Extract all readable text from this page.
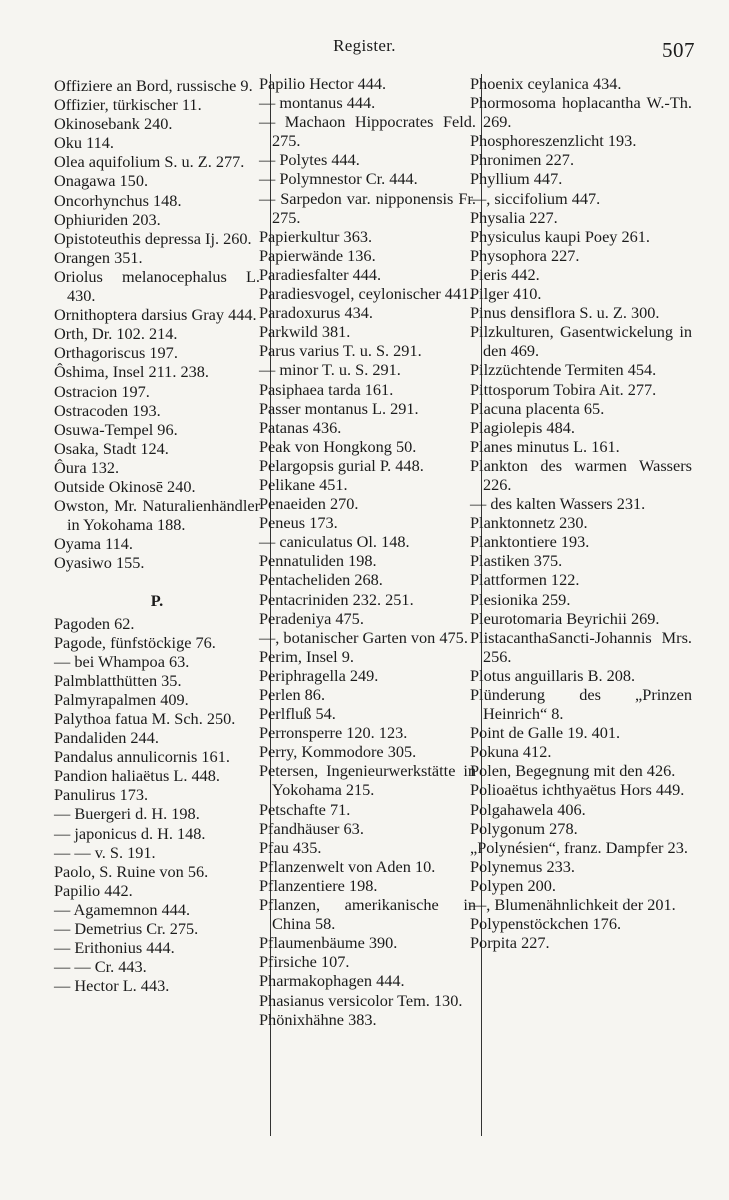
Register.	507
Offiziere an Bord, russische 9.
Offizier, türkischer 11.
Okinosebank 240.
Oku 114.
Olea aquifolium S. u. Z. 277.
Onagawa 150.
Oncorhynchus 148.
Ophiuriden 203.
Opistoteuthis depressa Ij. 260.
Orangen 351.
Oriolus melanocephalus L. 430.
Ornithoptera darsius Gray 444.
Orth, Dr. 102. 214.
Orthagoriscus 197.
Ôshima, Insel 211. 238.
Ostracion 197.
Ostracoden 193.
Osuwa-Tempel 96.
Osaka, Stadt 124.
Ôura 132.
Outside Okinosē 240.
Owston, Mr. Naturalienhändler in Yokohama 188.
Oyama 114.
Oyasiwo 155.
P.
Pagoden 62.
Pagode, fünfstöckige 76.
— bei Whampoa 63.
Palmblatthütten 35.
Palmyrapalmen 409.
Palythoa fatua M. Sch. 250.
Pandaliden 244.
Pandalus annulicornis 161.
Pandion haliaëtus L. 448.
Panulirus 173.
— Buergeri d. H. 198.
— japonicus d. H. 148.
— — v. S. 191.
Paolo, S. Ruine von 56.
Papilio 442.
— Agamemnon 444.
— Demetrius Cr. 275.
— Erithonius 444.
— — Cr. 443.
— Hector L. 443.
Papilio Hector 444.
— montanus 444.
— Machaon Hippocrates Feld. 275.
— Polytes 444.
— Polymnestor Cr. 444.
— Sarpedon var. nipponensis Fr. 275.
Papierkultur 363.
Papierwände 136.
Paradiesfalter 444.
Paradiesvogel, ceylonischer 441.
Paradoxurus 434.
Parkwild 381.
Parus varius T. u. S. 291.
— minor T. u. S. 291.
Pasiphaea tarda 161.
Passer montanus L. 291.
Patanas 436.
Peak von Hongkong 50.
Pelargopsis gurial P. 448.
Pelikane 451.
Penaeiden 270.
Peneus 173.
— caniculatus Ol. 148.
Pennatuliden 198.
Pentacheliden 268.
Pentacriniden 232. 251.
Peradeniya 475.
—, botanischer Garten von 475.
Perim, Insel 9.
Periphragella 249.
Perlen 86.
Perlfluß 54.
Perronsperre 120. 123.
Perry, Kommodore 305.
Petersen, Ingenieurwerkstätte in Yokohama 215.
Petschafte 71.
Pfandhäuser 63.
Pfau 435.
Pflanzenwelt von Aden 10.
Pflanzentiere 198.
Pflanzen, amerikanische in China 58.
Pflaumenbäume 390.
Pfirsiche 107.
Pharmakophagen 444.
Phasianus versicolor Tem. 130.
Phönixhähne 383.
Phoenix ceylanica 434.
Phormosoma hoplacantha W.-Th. 269.
Phosphoreszenzlicht 193.
Phronimen 227.
Phyllium 447.
—, siccifolium 447.
Physalia 227.
Physiculus kaupi Poey 261.
Physophora 227.
Pieris 442.
Pilger 410.
Pinus densiflora S. u. Z. 300.
Pilzkulturen, Gasentwickelung in den 469.
Pilzzüchtende Termiten 454.
Pittosporum Tobira Ait. 277.
Placuna placenta 65.
Plagiolepis 484.
Planes minutus L. 161.
Plankton des warmen Wassers 226.
— des kalten Wassers 231.
Planktonnetz 230.
Planktontiere 193.
Plastiken 375.
Plattformen 122.
Plesionika 259.
Pleurotomaria Beyrichii 269.
PlistacanthaSancti-Johannis Mrs. 256.
Plotus anguillaris B. 208.
Plünderung des „Prinzen Heinrich“ 8.
Point de Galle 19. 401.
Pokuna 412.
Polen, Begegnung mit den 426.
Polioaëtus ichthyaëtus Hors 449.
Polgahawela 406.
Polygonum 278.
„Polynésien“, franz. Dampfer 23.
Polynemus 233.
Polypen 200.
—, Blumenähnlichkeit der 201.
Polypenstöckchen 176.
Porpita 227.
